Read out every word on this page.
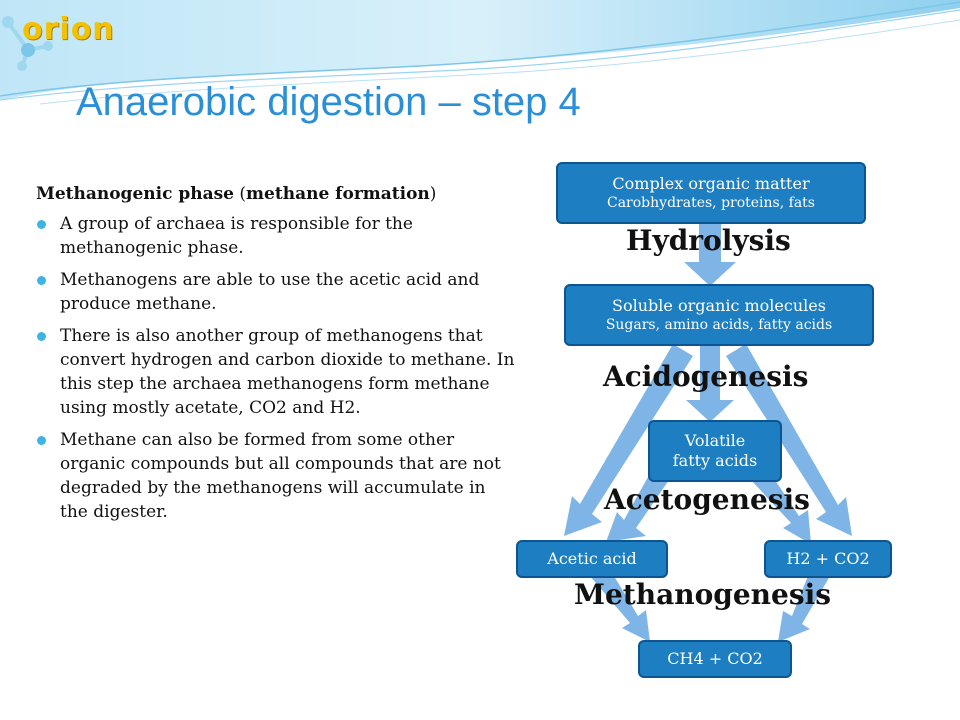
orion
Anaerobic digestion – step 4

Methanogenic phase (methane formation)

A group of archaea is responsible for the methanogenic phase.
Methanogens are able to use the acetic acid and produce methane.
There is also another group of methanogens that convert hydrogen and carbon dioxide to methane. In this step the archaea methanogens form methane using mostly acetate, CO2 and H2.
Methane can also be formed from some other organic compounds but all compounds that are not degraded by the methanogens will accumulate in the digester.
Complex organic matter
Carobhydrates, proteins, fats
Hydrolysis
Soluble organic molecules
Sugars, amino acids, fatty acids
Acidogenesis
Volatile
fatty acids
Acetogenesis
Acetic acid	H2 + CO2
Methanogenesis
CH4 + CO2
